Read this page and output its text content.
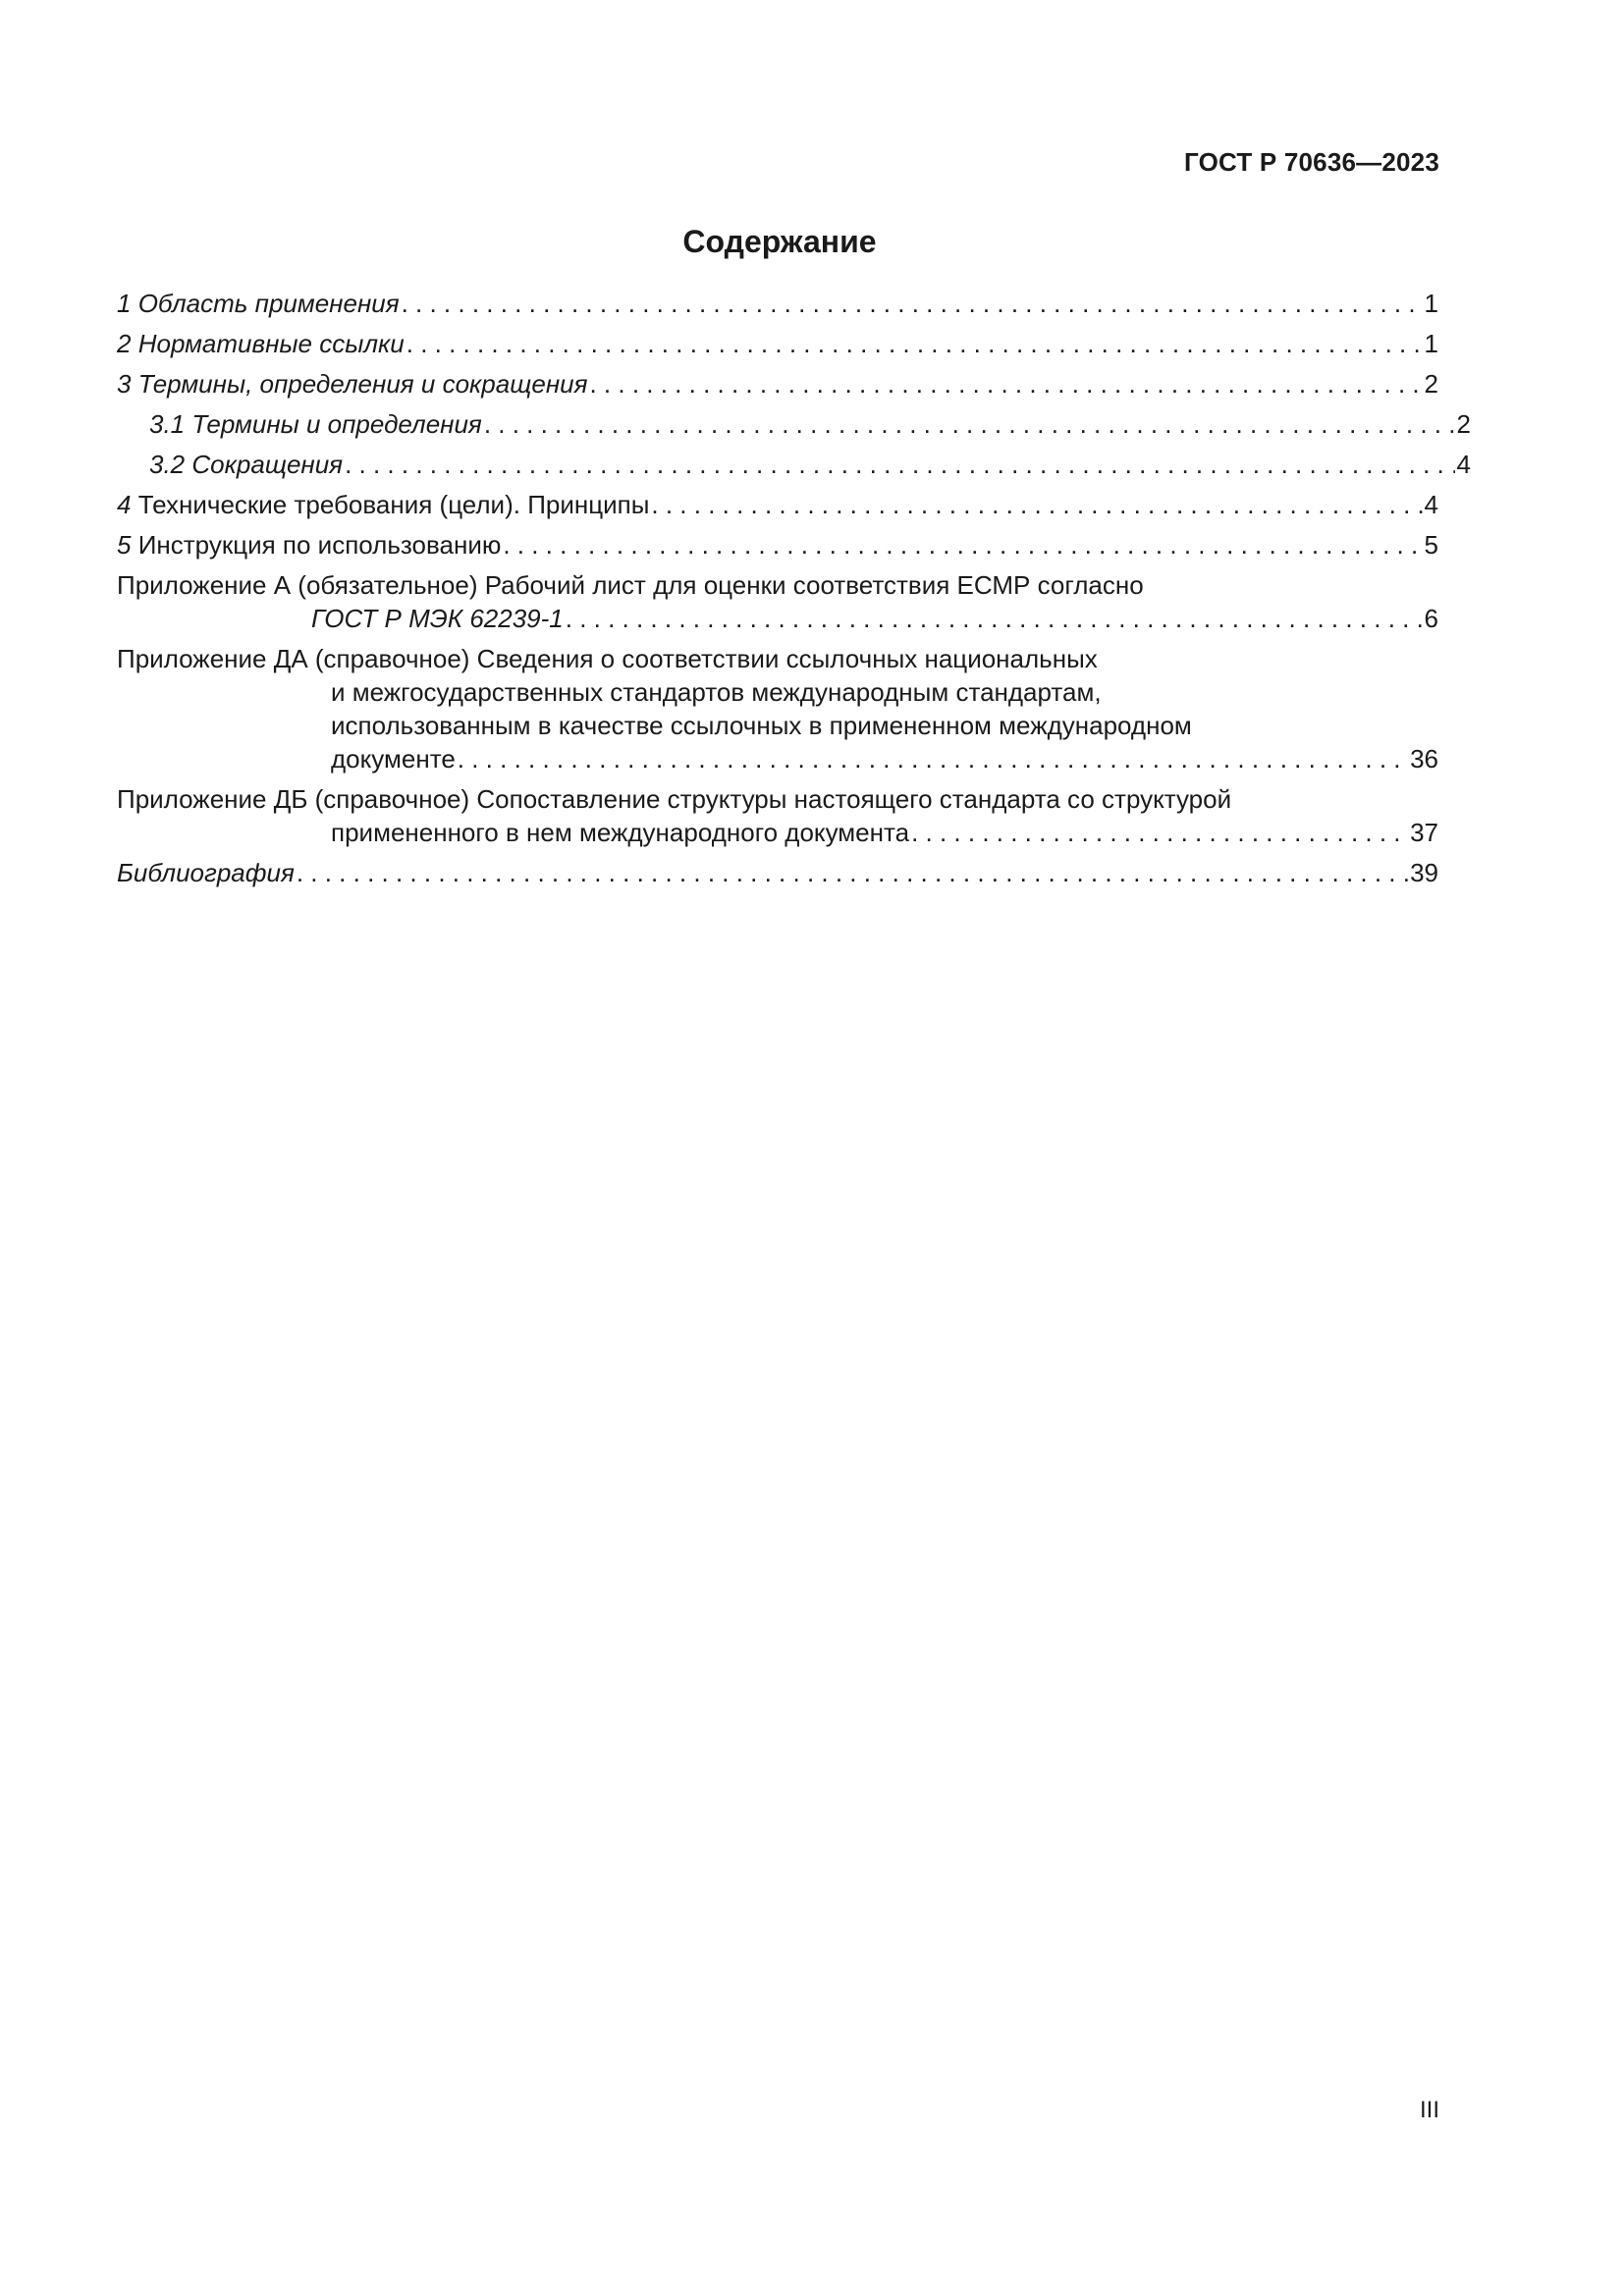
ГОСТ Р 70636—2023
Содержание
1 Область применения . . .	1
2 Нормативные ссылки . . .	1
3 Термины, определения и сокращения . . .	2
3.1 Термины и определения . . .	2
3.2 Сокращения . . .	4
4 Технические требования (цели). Принципы . . .	4
5 Инструкция по использованию . . .	5
Приложение А (обязательное) Рабочий лист для оценки соответствия ЕСМР согласно
ГОСТ Р МЭК 62239-1 . . .	6
Приложение ДА (справочное) Сведения о соответствии ссылочных национальных
и межгосударственных стандартов международным стандартам,
использованным в качестве ссылочных в примененном международном
документе . . .	36
Приложение ДБ (справочное) Сопоставление структуры настоящего стандарта со структурой
примененного в нем международного документа . . .	37
Библиография . . .	39
III
